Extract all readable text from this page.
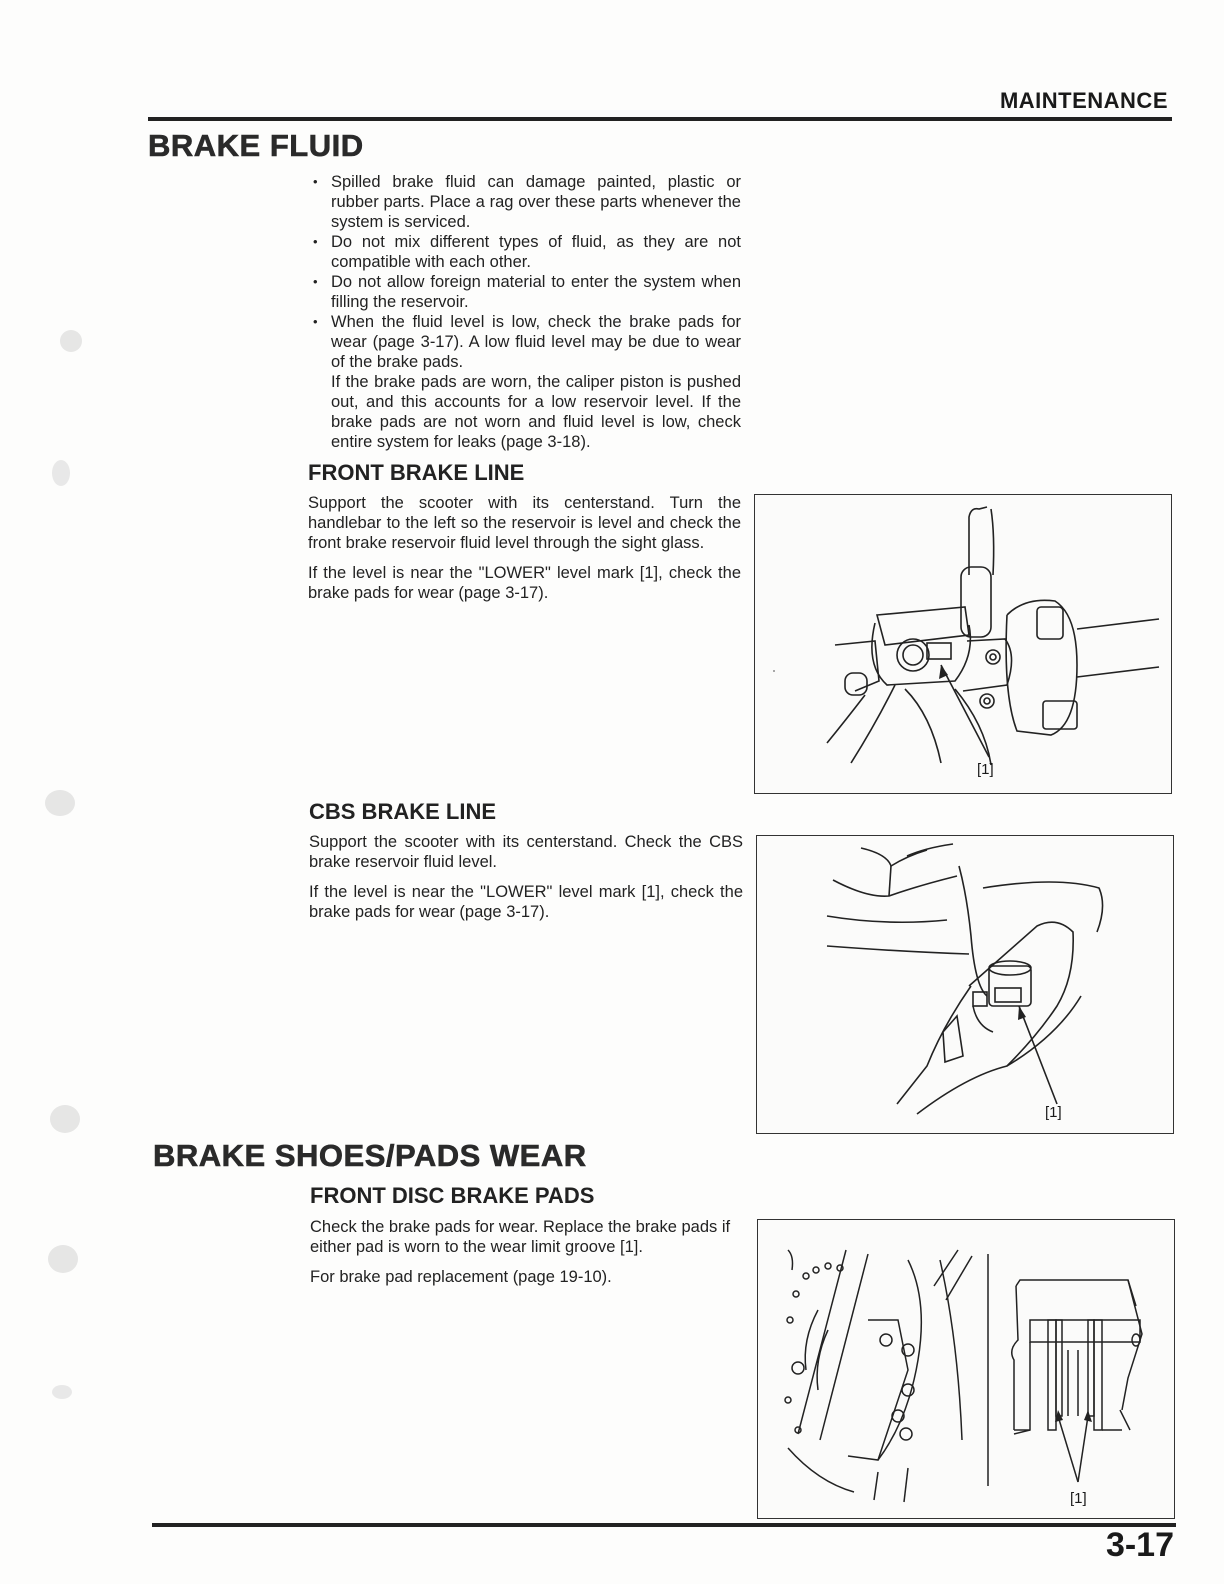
MAINTENANCE
BRAKE FLUID
• Spilled brake fluid can damage painted, plastic or rubber parts. Place a rag over these parts whenever the system is serviced.
• Do not mix different types of fluid, as they are not compatible with each other.
• Do not allow foreign material to enter the system when filling the reservoir.
• When the fluid level is low, check the brake pads for wear (page 3-17). A low fluid level may be due to wear of the brake pads.
If the brake pads are worn, the caliper piston is pushed out, and this accounts for a low reservoir level. If the brake pads are not worn and fluid level is low, check entire system for leaks (page 3-18).
FRONT BRAKE LINE

Support the scooter with its centerstand. Turn the handlebar to the left so the reservoir is level and check the front brake reservoir fluid level through the sight glass.

If the level is near the "LOWER" level mark [1], check the brake pads for wear (page 3-17).

[1]
CBS BRAKE LINE

Support the scooter with its centerstand. Check the CBS brake reservoir fluid level.

If the level is near the "LOWER" level mark [1], check the brake pads for wear (page 3-17).

[1]
BRAKE SHOES/PADS WEAR
FRONT DISC BRAKE PADS

Check the brake pads for wear. Replace the brake pads if either pad is worn to the wear limit groove [1].

For brake pad replacement (page 19-10).

[1]
3-17
